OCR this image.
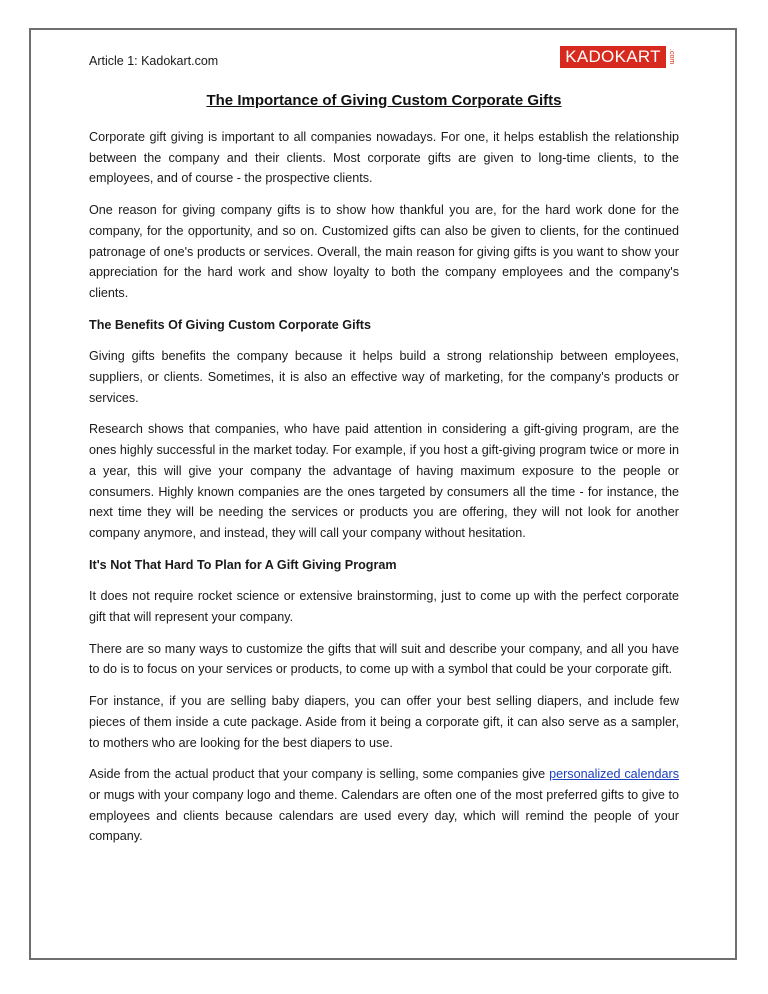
Article 1: Kadokart.com	KADOKART	.com
The Importance of Giving Custom Corporate Gifts

Corporate gift giving is important to all companies nowadays. For one, it helps establish the relationship between the company and their clients. Most corporate gifts are given to long-time clients, to the employees, and of course - the prospective clients.

One reason for giving company gifts is to show how thankful you are, for the hard work done for the company, for the opportunity, and so on. Customized gifts can also be given to clients, for the continued patronage of one's products or services. Overall, the main reason for giving gifts is you want to show your appreciation for the hard work and show loyalty to both the company employees and the company's clients.

The Benefits Of Giving Custom Corporate Gifts

Giving gifts benefits the company because it helps build a strong relationship between employees, suppliers, or clients. Sometimes, it is also an effective way of marketing, for the company's products or services.

Research shows that companies, who have paid attention in considering a gift-giving program, are the ones highly successful in the market today. For example, if you host a gift-giving program twice or more in a year, this will give your company the advantage of having maximum exposure to the people or consumers. Highly known companies are the ones targeted by consumers all the time - for instance, the next time they will be needing the services or products you are offering, they will not look for another company anymore, and instead, they will call your company without hesitation.

It's Not That Hard To Plan for A Gift Giving Program

It does not require rocket science or extensive brainstorming, just to come up with the perfect corporate gift that will represent your company.

There are so many ways to customize the gifts that will suit and describe your company, and all you have to do is to focus on your services or products, to come up with a symbol that could be your corporate gift.

For instance, if you are selling baby diapers, you can offer your best selling diapers, and include few pieces of them inside a cute package. Aside from it being a corporate gift, it can also serve as a sampler, to mothers who are looking for the best diapers to use.

Aside from the actual product that your company is selling, some companies give personalized calendars or mugs with your company logo and theme. Calendars are often one of the most preferred gifts to give to employees and clients because calendars are used every day, which will remind the people of your company.
